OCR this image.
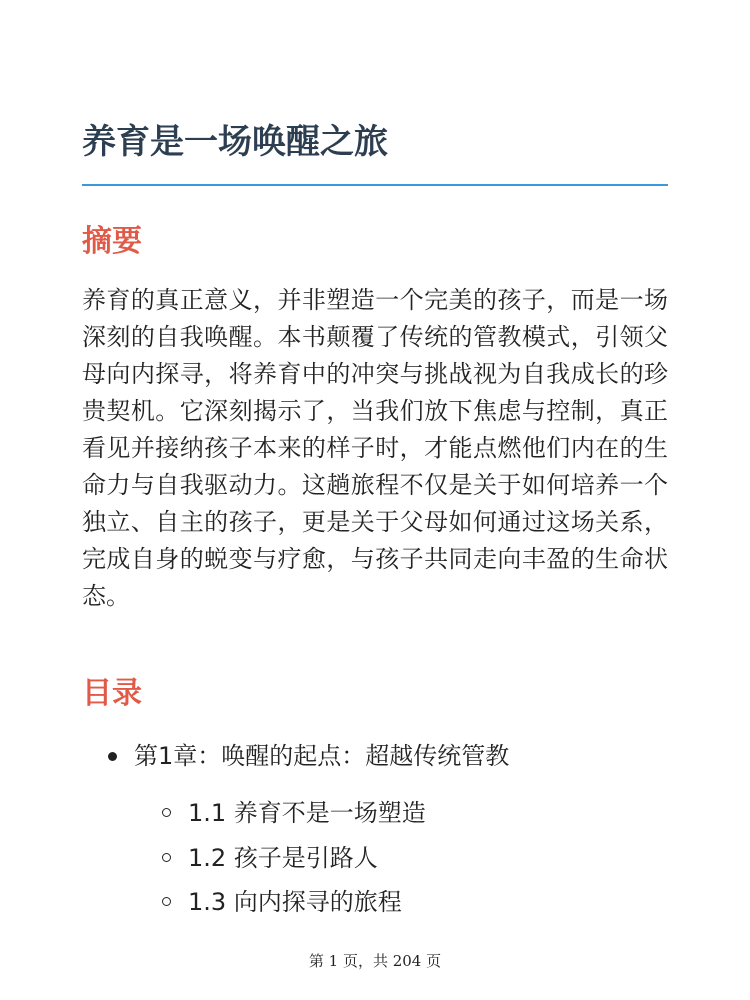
养育是一场唤醒之旅
摘要

养育的真正意义，并非塑造一个完美的孩子，而是一场深刻的自我唤醒。本书颠覆了传统的管教模式，引领父母向内探寻，将养育中的冲突与挑战视为自我成长的珍贵契机。它深刻揭示了，当我们放下焦虑与控制，真正看见并接纳孩子本来的样子时，才能点燃他们内在的生命力与自我驱动力。这趟旅程不仅是关于如何培养一个独立、自主的孩子，更是关于父母如何通过这场关系，完成自身的蜕变与疗愈，与孩子共同走向丰盈的生命状态。

目录
第1章：唤醒的起点：超越传统管教
1.1 养育不是一场塑造
1.2 孩子是引路人
1.3 向内探寻的旅程
第 1 页，共 204 页
